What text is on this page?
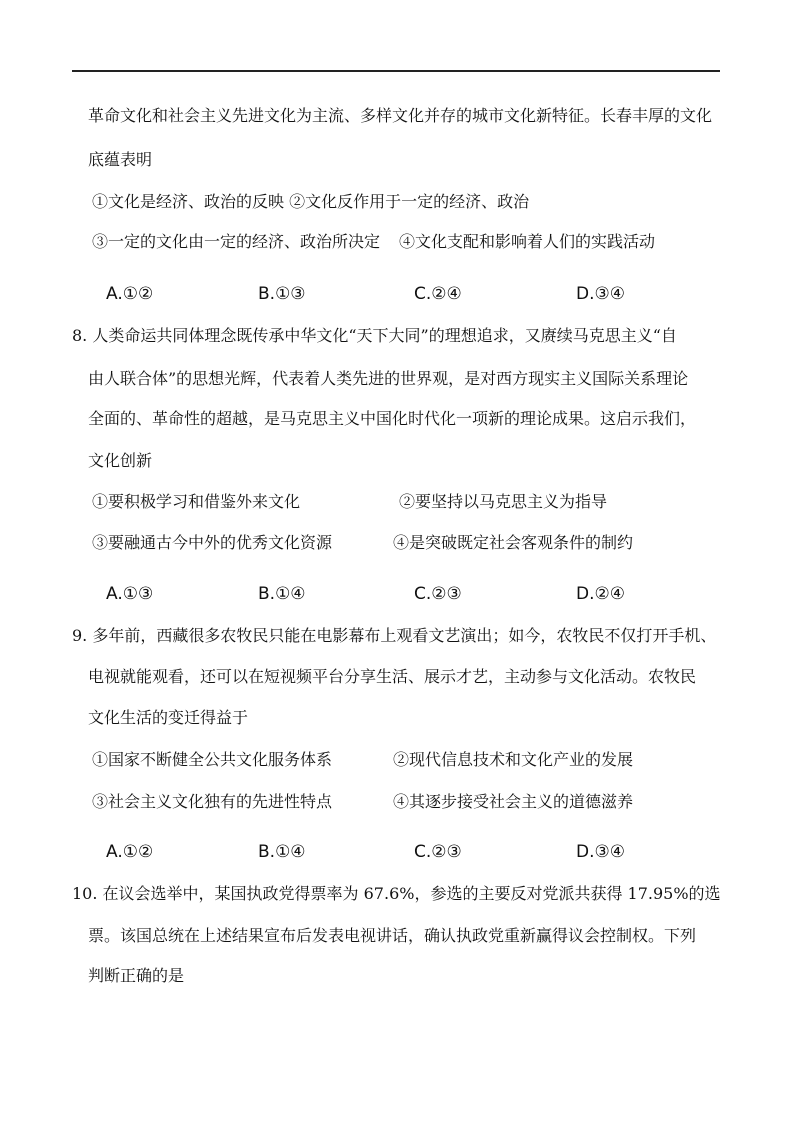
革命文化和社会主义先进文化为主流、多样文化并存的城市文化新特征。长春丰厚的文化
底蕴表明
①文化是经济、政治的反映 ②文化反作用于一定的经济、政治
③一定的文化由一定的经济、政治所决定 ④文化支配和影响着人们的实践活动
A.①②	B.①③	C.②④	D.③④
8. 人类命运共同体理念既传承中华文化“天下大同”的理想追求，又赓续马克思主义“自
由人联合体”的思想光辉，代表着人类先进的世界观，是对西方现实主义国际关系理论
全面的、革命性的超越，是马克思主义中国化时代化一项新的理论成果。这启示我们，
文化创新
①要积极学习和借鉴外来文化	②要坚持以马克思主义为指导
③要融通古今中外的优秀文化资源	④是突破既定社会客观条件的制约
A.①③	B.①④	C.②③	D.②④
9. 多年前，西藏很多农牧民只能在电影幕布上观看文艺演出；如今，农牧民不仅打开手机、
电视就能观看，还可以在短视频平台分享生活、展示才艺，主动参与文化活动。农牧民
文化生活的变迁得益于
①国家不断健全公共文化服务体系	②现代信息技术和文化产业的发展
③社会主义文化独有的先进性特点	④其逐步接受社会主义的道德滋养
A.①②	B.①④	C.②③	D.③④
10. 在议会选举中，某国执政党得票率为 67.6%，参选的主要反对党派共获得 17.95%的选
票。该国总统在上述结果宣布后发表电视讲话，确认执政党重新赢得议会控制权。下列
判断正确的是
